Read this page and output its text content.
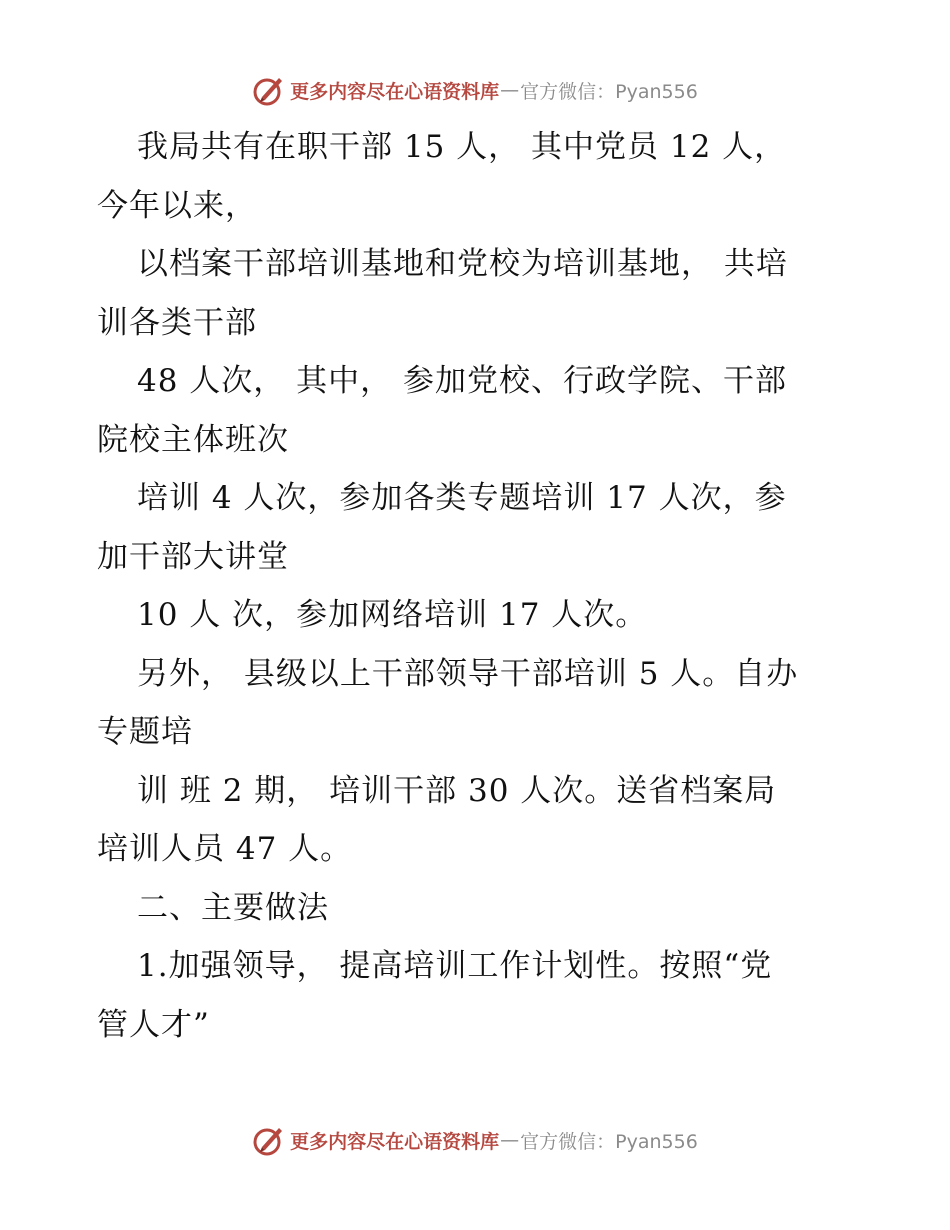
更多内容尽在心语资料库 — 官方微信：Pyan556
我局共有在职干部 15 人， 其中党员 12 人，
今年以来，
以档案干部培训基地和党校为培训基地， 共培
训各类干部
48 人次， 其中， 参加党校、行政学院、干部
院校主体班次
培训 4 人次，参加各类专题培训 17 人次，参
加干部大讲堂
10 人 次，参加网络培训 17 人次。
另外， 县级以上干部领导干部培训 5 人。自办
专题培
训 班 2 期， 培训干部 30 人次。送省档案局
培训人员 47 人。
二、主要做法
1.加强领导， 提高培训工作计划性。按照“党
管人才”
更多内容尽在心语资料库 — 官方微信：Pyan556
